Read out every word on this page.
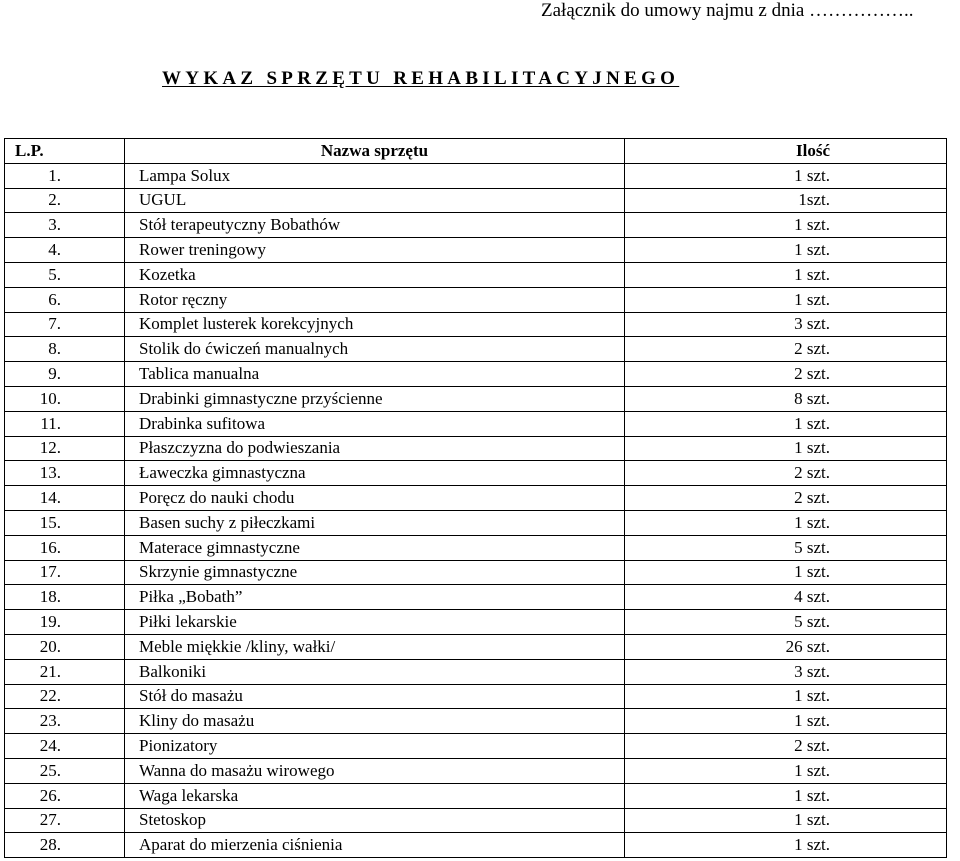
Załącznik do umowy najmu z dnia ……………..
WYKAZ SPRZĘTU REHABILITACYJNEGO
L.P.	Nazwa sprzętu	Ilość
1.	Lampa Solux	1 szt.
2.	UGUL	1szt.
3.	Stół terapeutyczny Bobathów	1 szt.
4.	Rower treningowy	1 szt.
5.	Kozetka	1 szt.
6.	Rotor ręczny	1 szt.
7.	Komplet lusterek korekcyjnych	3 szt.
8.	Stolik do ćwiczeń manualnych	2 szt.
9.	Tablica manualna	2 szt.
10.	Drabinki gimnastyczne przyścienne	8 szt.
11.	Drabinka sufitowa	1 szt.
12.	Płaszczyzna do podwieszania	1 szt.
13.	Ławeczka gimnastyczna	2 szt.
14.	Poręcz do nauki chodu	2 szt.
15.	Basen suchy z piłeczkami	1 szt.
16.	Materace gimnastyczne	5 szt.
17.	Skrzynie gimnastyczne	1 szt.
18.	Piłka „Bobath”	4 szt.
19.	Piłki lekarskie	5 szt.
20.	Meble miękkie /kliny, wałki/	26 szt.
21.	Balkoniki	3 szt.
22.	Stół do masażu	1 szt.
23.	Kliny do masażu	1 szt.
24.	Pionizatory	2 szt.
25.	Wanna do masażu wirowego	1 szt.
26.	Waga lekarska	1 szt.
27.	Stetoskop	1 szt.
28.	Aparat do mierzenia ciśnienia	1 szt.
